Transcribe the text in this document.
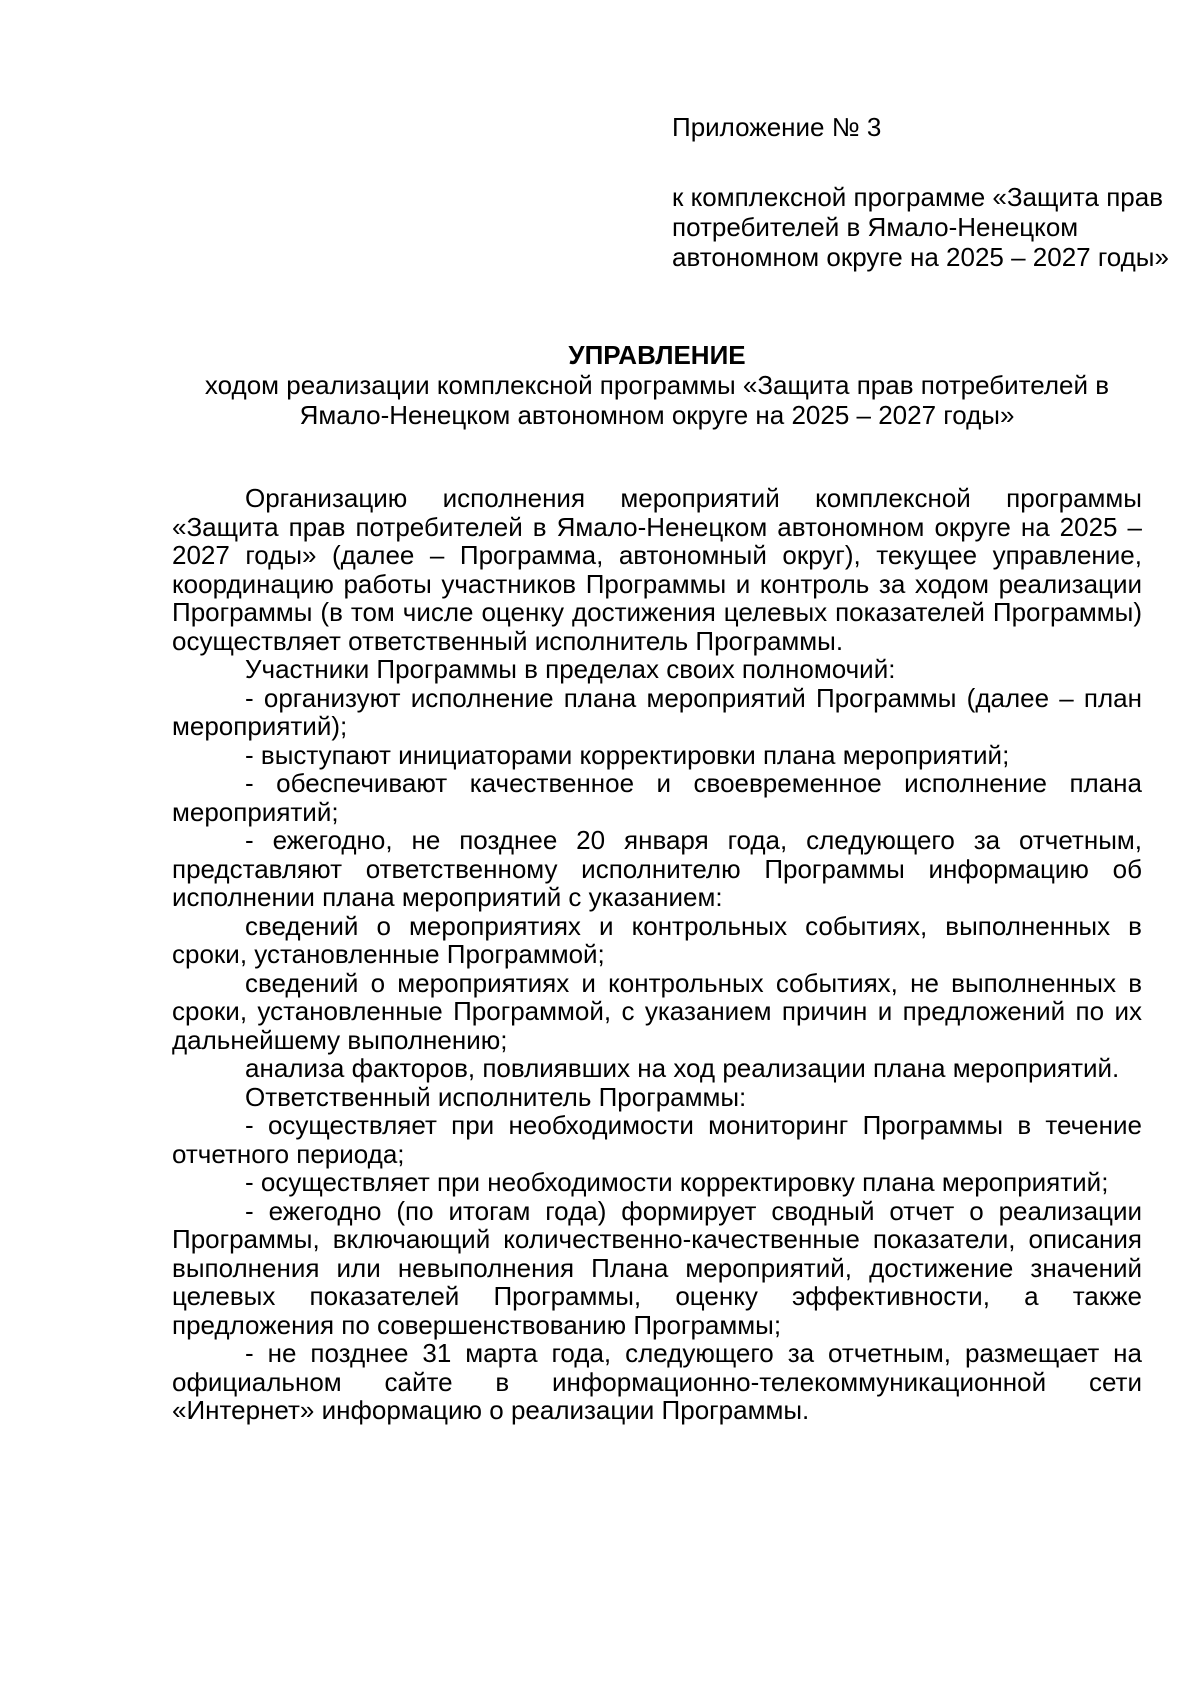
Приложение № 3

к комплексной программе «Защита прав потребителей в Ямало-Ненецком автономном округе на 2025 – 2027 годы»

УПРАВЛЕНИЕ

ходом реализации комплексной программы «Защита прав потребителей в Ямало-Ненецком автономном округе на 2025 – 2027 годы»

Организацию исполнения мероприятий комплексной программы «Защита прав потребителей в Ямало-Ненецком автономном округе на 2025 – 2027 годы» (далее – Программа, автономный округ), текущее управление, координацию работы участников Программы и контроль за ходом реализации Программы (в том числе оценку достижения целевых показателей Программы) осуществляет ответственный исполнитель Программы.

Участники Программы в пределах своих полномочий:

- организуют исполнение плана мероприятий Программы (далее – план мероприятий);

- выступают инициаторами корректировки плана мероприятий;

- обеспечивают качественное и своевременное исполнение плана мероприятий;

- ежегодно, не позднее 20 января года, следующего за отчетным, представляют ответственному исполнителю Программы информацию об исполнении плана мероприятий с указанием:

сведений о мероприятиях и контрольных событиях, выполненных в сроки, установленные Программой;

сведений о мероприятиях и контрольных событиях, не выполненных в сроки, установленные Программой, с указанием причин и предложений по их дальнейшему выполнению;

анализа факторов, повлиявших на ход реализации плана мероприятий.

Ответственный исполнитель Программы:

- осуществляет при необходимости мониторинг Программы в течение отчетного периода;

- осуществляет при необходимости корректировку плана мероприятий;

- ежегодно (по итогам года) формирует сводный отчет о реализации Программы, включающий количественно-качественные показатели, описания выполнения или невыполнения Плана мероприятий, достижение значений целевых показателей Программы, оценку эффективности, а также предложения по совершенствованию Программы;

- не позднее 31 марта года, следующего за отчетным, размещает на официальном сайте в информационно-телекоммуникационной сети «Интернет» информацию о реализации Программы.
